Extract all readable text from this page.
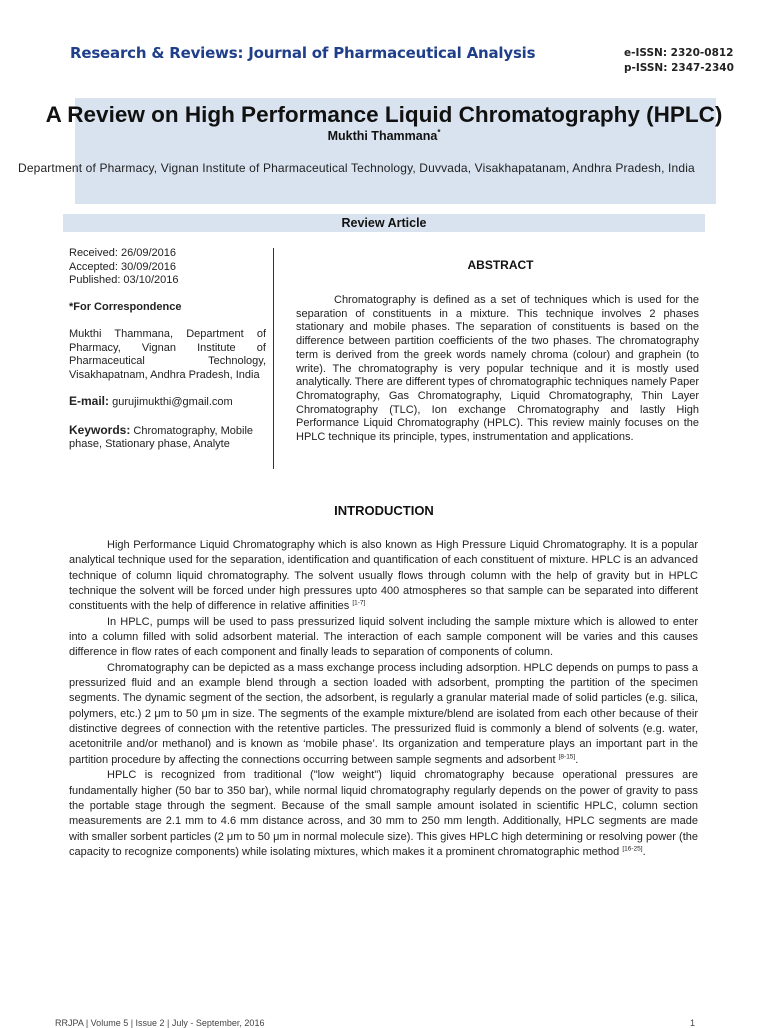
Research & Reviews: Journal of Pharmaceutical Analysis	e-ISSN: 2320-0812
p-ISSN: 2347-2340
A Review on High Performance Liquid Chromatography (HPLC)
Mukthi Thammana*
Department of Pharmacy, Vignan Institute of Pharmaceutical Technology, Duvvada, Visakhapatanam, Andhra Pradesh, India
Review Article
Received: 26/09/2016
Accepted: 30/09/2016
Published: 03/10/2016
*For Correspondence
Mukthi Thammana, Department of Pharmacy, Vignan Institute of Pharmaceutical Technology, Visakhapatnam, Andhra Pradesh, India
E-mail: gurujimukthi@gmail.com
Keywords: Chromatography, Mobile phase, Stationary phase, Analyte
ABSTRACT

Chromatography is defined as a set of techniques which is used for the separation of constituents in a mixture. This technique involves 2 phases stationary and mobile phases. The separation of constituents is based on the difference between partition coefficients of the two phases. The chromatography term is derived from the greek words namely chroma (colour) and graphein (to write). The chromatography is very popular technique and it is mostly used analytically. There are different types of chromatographic techniques namely Paper Chromatography, Gas Chromatography, Liquid Chromatography, Thin Layer Chromatography (TLC), Ion exchange Chromatography and lastly High Performance Liquid Chromatography (HPLC). This review mainly focuses on the HPLC technique its principle, types, instrumentation and applications.

INTRODUCTION

High Performance Liquid Chromatography which is also known as High Pressure Liquid Chromatography. It is a popular analytical technique used for the separation, identification and quantification of each constituent of mixture. HPLC is an advanced technique of column liquid chromatography. The solvent usually flows through column with the help of gravity but in HPLC technique the solvent will be forced under high pressures upto 400 atmospheres so that sample can be separated into different constituents with the help of difference in relative affinities [1-7]

In HPLC, pumps will be used to pass pressurized liquid solvent including the sample mixture which is allowed to enter into a column filled with solid adsorbent material. The interaction of each sample component will be varies and this causes difference in flow rates of each component and finally leads to separation of components of column.

Chromatography can be depicted as a mass exchange process including adsorption. HPLC depends on pumps to pass a pressurized fluid and an example blend through a section loaded with adsorbent, prompting the partition of the specimen segments. The dynamic segment of the section, the adsorbent, is regularly a granular material made of solid particles (e.g. silica, polymers, etc.) 2 μm to 50 μm in size. The segments of the example mixture/blend are isolated from each other because of their distinctive degrees of connection with the retentive particles. The pressurized fluid is commonly a blend of solvents (e.g. water, acetonitrile and/or methanol) and is known as ‘mobile phase’. Its organization and temperature plays an important part in the partition procedure by affecting the connections occurring between sample segments and adsorbent [8-15].

HPLC is recognized from traditional ("low weight") liquid chromatography because operational pressures are fundamentally higher (50 bar to 350 bar), while normal liquid chromatography regularly depends on the power of gravity to pass the portable stage through the segment. Because of the small sample amount isolated in scientific HPLC, column section measurements are 2.1 mm to 4.6 mm distance across, and 30 mm to 250 mm length. Additionally, HPLC segments are made with smaller sorbent particles (2 μm to 50 μm in normal molecule size). This gives HPLC high determining or resolving power (the capacity to recognize components) while isolating mixtures, which makes it a prominent chromatographic method [16-25].

RRJPA | Volume 5 | Issue 2 | July - September, 2016	1
